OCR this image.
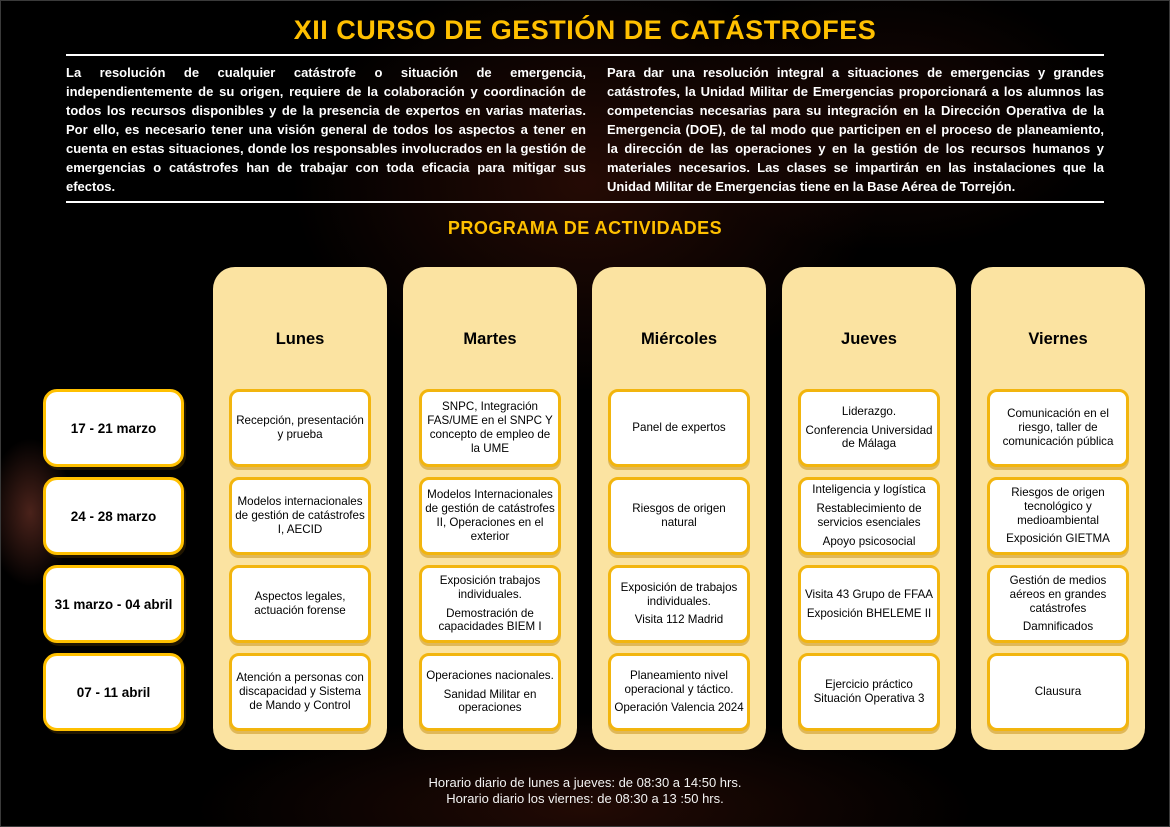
XII CURSO DE GESTIÓN DE CATÁSTROFES

La resolución de cualquier catástrofe o situación de emergencia, independientemente de su origen, requiere de la colaboración y coordinación de todos los recursos disponibles y de la presencia de expertos en varias materias. Por ello, es necesario tener una visión general de todos los aspectos a tener en cuenta en estas situaciones, donde los responsables involucrados en la gestión de emergencias o catástrofes han de trabajar con toda eficacia para mitigar sus efectos.

Para dar una resolución integral a situaciones de emergencias y grandes catástrofes, la Unidad Militar de Emergencias proporcionará a los alumnos las competencias necesarias para su integración en la Dirección Operativa de la Emergencia (DOE), de tal modo que participen en el proceso de planeamiento, la dirección de las operaciones y en la gestión de los recursos humanos y materiales necesarios. Las clases se impartirán en las instalaciones que la Unidad Militar de Emergencias tiene en la Base Aérea de Torrejón.

PROGRAMA DE ACTIVIDADES
17 - 21 marzo
24 - 28 marzo
31 marzo - 04 abril
07 - 11 abril
Lunes

Recepción, presentación y prueba

Modelos internacionales de gestión de catástrofes I, AECID

Aspectos legales, actuación forense

Atención a personas con discapacidad y Sistema de Mando y Control

Martes

SNPC, Integración FAS/UME en el SNPC Y concepto de empleo de la UME

Modelos Internacionales de gestión de catástrofes II, Operaciones en el exterior

Exposición trabajos individuales.

Demostración de capacidades BIEM I

Operaciones nacionales.

Sanidad Militar en operaciones

Miércoles

Panel de expertos

Riesgos de origen natural

Exposición de trabajos individuales.

Visita 112 Madrid

Planeamiento nivel operacional y táctico.

Operación Valencia 2024

Jueves

Liderazgo.

Conferencia Universidad de Málaga

Inteligencia y logística

Restablecimiento de servicios esenciales

Apoyo psicosocial

Visita 43 Grupo de FFAA

Exposición BHELEME II

Ejercicio práctico Situación Operativa 3

Viernes

Comunicación en el riesgo, taller de comunicación pública

Riesgos de origen tecnológico y medioambiental

Exposición GIETMA

Gestión de medios aéreos en grandes catástrofes

Damnificados

Clausura

Horario diario de lunes a jueves: de 08:30 a 14:50 hrs.
Horario diario los viernes: de 08:30 a 13 :50 hrs.
